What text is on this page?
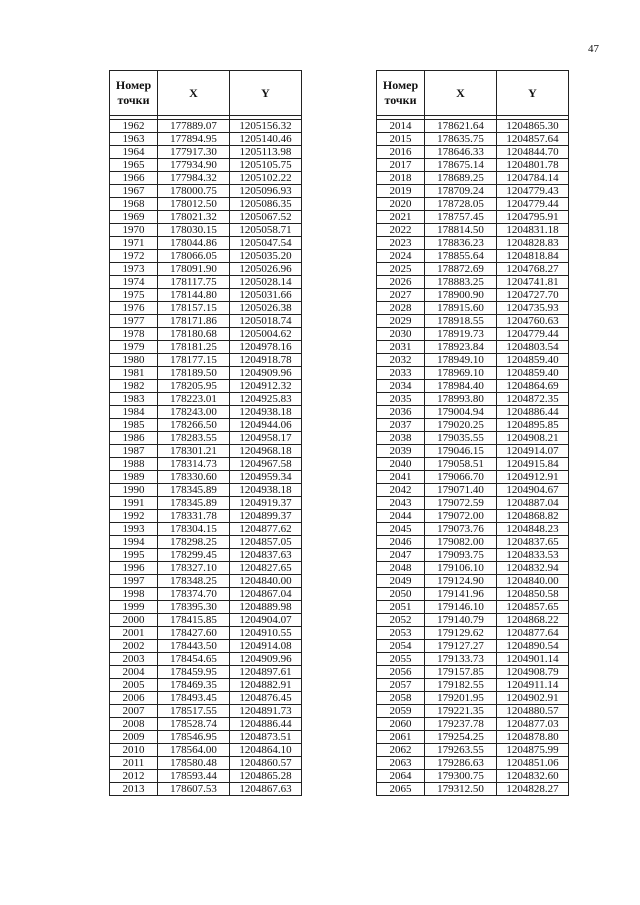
47
Номер
точки	X	Y

1962	177889.07	1205156.32
1963	177894.95	1205140.46
1964	177917.30	1205113.98
1965	177934.90	1205105.75
1966	177984.32	1205102.22
1967	178000.75	1205096.93
1968	178012.50	1205086.35
1969	178021.32	1205067.52
1970	178030.15	1205058.71
1971	178044.86	1205047.54
1972	178066.05	1205035.20
1973	178091.90	1205026.96
1974	178117.75	1205028.14
1975	178144.80	1205031.66
1976	178157.15	1205026.38
1977	178171.86	1205018.74
1978	178180.68	1205004.62
1979	178181.25	1204978.16
1980	178177.15	1204918.78
1981	178189.50	1204909.96
1982	178205.95	1204912.32
1983	178223.01	1204925.83
1984	178243.00	1204938.18
1985	178266.50	1204944.06
1986	178283.55	1204958.17
1987	178301.21	1204968.18
1988	178314.73	1204967.58
1989	178330.60	1204959.34
1990	178345.89	1204938.18
1991	178345.89	1204919.37
1992	178331.78	1204899.37
1993	178304.15	1204877.62
1994	178298.25	1204857.05
1995	178299.45	1204837.63
1996	178327.10	1204827.65
1997	178348.25	1204840.00
1998	178374.70	1204867.04
1999	178395.30	1204889.98
2000	178415.85	1204904.07
2001	178427.60	1204910.55
2002	178443.50	1204914.08
2003	178454.65	1204909.96
2004	178459.95	1204897.61
2005	178469.35	1204882.91
2006	178493.45	1204876.45
2007	178517.55	1204891.73
2008	178528.74	1204886.44
2009	178546.95	1204873.51
2010	178564.00	1204864.10
2011	178580.48	1204860.57
2012	178593.44	1204865.28
2013	178607.53	1204867.63
Номер
точки	X	Y

2014	178621.64	1204865.30
2015	178635.75	1204857.64
2016	178646.33	1204844.70
2017	178675.14	1204801.78
2018	178689.25	1204784.14
2019	178709.24	1204779.43
2020	178728.05	1204779.44
2021	178757.45	1204795.91
2022	178814.50	1204831.18
2023	178836.23	1204828.83
2024	178855.64	1204818.84
2025	178872.69	1204768.27
2026	178883.25	1204741.81
2027	178900.90	1204727.70
2028	178915.60	1204735.93
2029	178918.55	1204760.63
2030	178919.73	1204779.44
2031	178923.84	1204803.54
2032	178949.10	1204859.40
2033	178969.10	1204859.40
2034	178984.40	1204864.69
2035	178993.80	1204872.35
2036	179004.94	1204886.44
2037	179020.25	1204895.85
2038	179035.55	1204908.21
2039	179046.15	1204914.07
2040	179058.51	1204915.84
2041	179066.70	1204912.91
2042	179071.40	1204904.67
2043	179072.59	1204887.04
2044	179072.00	1204868.82
2045	179073.76	1204848.23
2046	179082.00	1204837.65
2047	179093.75	1204833.53
2048	179106.10	1204832.94
2049	179124.90	1204840.00
2050	179141.96	1204850.58
2051	179146.10	1204857.65
2052	179140.79	1204868.22
2053	179129.62	1204877.64
2054	179127.27	1204890.54
2055	179133.73	1204901.14
2056	179157.85	1204908.79
2057	179182.55	1204911.14
2058	179201.95	1204902.91
2059	179221.35	1204880.57
2060	179237.78	1204877.03
2061	179254.25	1204878.80
2062	179263.55	1204875.99
2063	179286.63	1204851.06
2064	179300.75	1204832.60
2065	179312.50	1204828.27
